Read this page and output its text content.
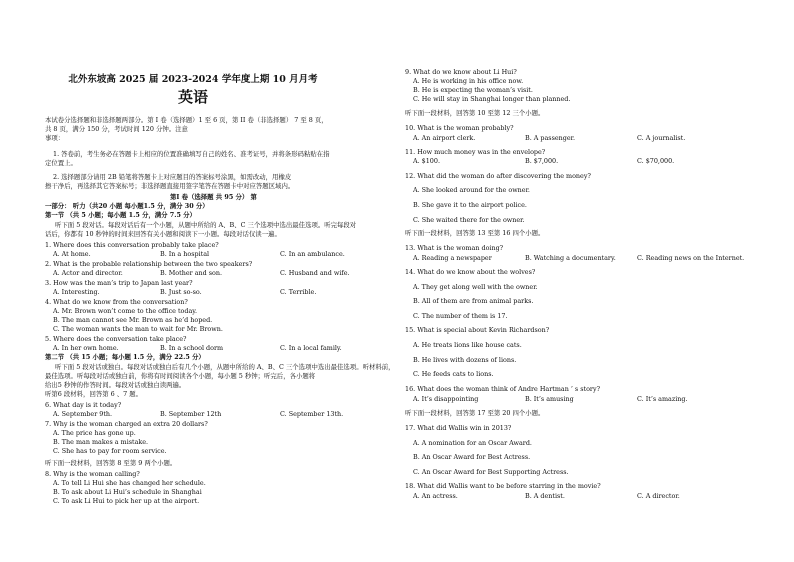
北外东坡高 2025 届 2023-2024 学年度上期 10 月月考
英语
本试卷分选择题和非选择题两部分。第 I 卷（选择题）1 至 6 页，第 II 卷（非选择题） 7 至 8 页，
共 8 页，满分 150 分，考试时间 120 分钟。注意
事项：
1. 答卷前，考生务必在答题卡上相应的位置准确填写自己的姓名、准考证号，并将条形码粘贴在指
定位置上。
2. 选择题部分请用 2B 铅笔将答题卡上对应题目的答案标号涂黑，如需改动，用橡皮
擦干净后，再选择其它答案标号；非选择题直接用签字笔答在答题卡中对应答题区域内。
第I 卷（选择题 共 95 分） 第
一部分： 听力（共20 小题 每小题1.5 分，满分 30 分）
第一节 （共 5 小题；每小题 1.5 分，满分 7.5 分）
听下面 5 段对话。每段对话后有一个小题，从题中所给的 A、B、C 三个选项中选出最佳选项。听完每段对
话后，你都有 10 秒钟的时间来回答有关小题和阅读下一小题。每段对话仅读一遍。
1. Where does this conversation probably take place?
A. At home.	B. In a hospital	C. In an ambulance.
2. What is the probable relationship between the two speakers?
A. Actor and director.	B. Mother and son.	C. Husband and wife.
3. How was the man’s trip to Japan last year?
A. Interesting.	B. Just so-so.	C. Terrible.
4. What do we know from the conversation?
A. Mr. Brown won’t come to the office today.
B. The man cannot see Mr. Brown as he’d hoped.
C. The woman wants the man to wait for Mr. Brown.
5. Where does the conversation take place?
A. In her own home.	B. In a school dorm	C. In a local family.
第二节 （共 15 小题；每小题 1.5 分，满分 22.5 分）
听下面 5 段对话或独白。每段对话或独白后有几个小题，从题中所给的 A、B、C 三个选项中选出最佳选项。听材料前，
最佳选项。听每段对话或独白前，你将有时间阅读各个小题，每小题 5 秒钟；听完后，各小题将
给出5 秒钟的作答时间。每段对话或独白读两遍。
听第6 段材料，回答第 6 、7 题。
6. What day is it today?
A. September 9th.	B. September 12th	C. September 13th.
7. Why is the woman charged an extra 20 dollars?
A. The price has gone up.
B. The man makes a mistake.
C. She has to pay for room service.
听下面一段材料，回答第 8 至第 9 两个小题。
8. Why is the woman calling?
A. To tell Li Hui she has changed her schedule.
B. To ask about Li Hui’s schedule in Shanghai
C. To ask Li Hui to pick her up at the airport.
9. What do we know about Li Hui?
A. He is working in his office now.
B. He is expecting the woman’s visit.
C. He will stay in Shanghai longer than planned.
听下面一段材料，回答第 10 至第 12 三个小题。
10. What is the woman probably?
A. An airport clerk.	B. A passenger.	C. A journalist.
11. How much money was in the envelope?
A. $100.	B. $7,000.	C. $70,000.
12. What did the woman do after discovering the money?
A. She looked around for the owner.
B. She gave it to the airport police.
C. She waited there for the owner.
听下面一段材料，回答第 13 至第 16 四个小题。
13. What is the woman doing?
A. Reading a newspaper	B. Watching a documentary.	C. Reading news on the Internet.
14. What do we know about the wolves?
A. They get along well with the owner.
B. All of them are from animal parks.
C. The number of them is 17.
15. What is special about Kevin Richardson?
A. He treats lions like house cats.
B. He lives with dozens of lions.
C. He feeds cats to lions.
16. What does the woman think of Andre Hartman ’ s story?
A. It’s disappointing	B. It’s amusing	C. It’s amazing.
听下面一段材料，回答第 17 至第 20 四个小题。
17. What did Wallis win in 2013?
A. A nomination for an Oscar Award.
B. An Oscar Award for Best Actress.
C. An Oscar Award for Best Supporting Actress.
18. What did Wallis want to be before starring in the movie?
A. An actress.	B. A dentist.	C. A director.
